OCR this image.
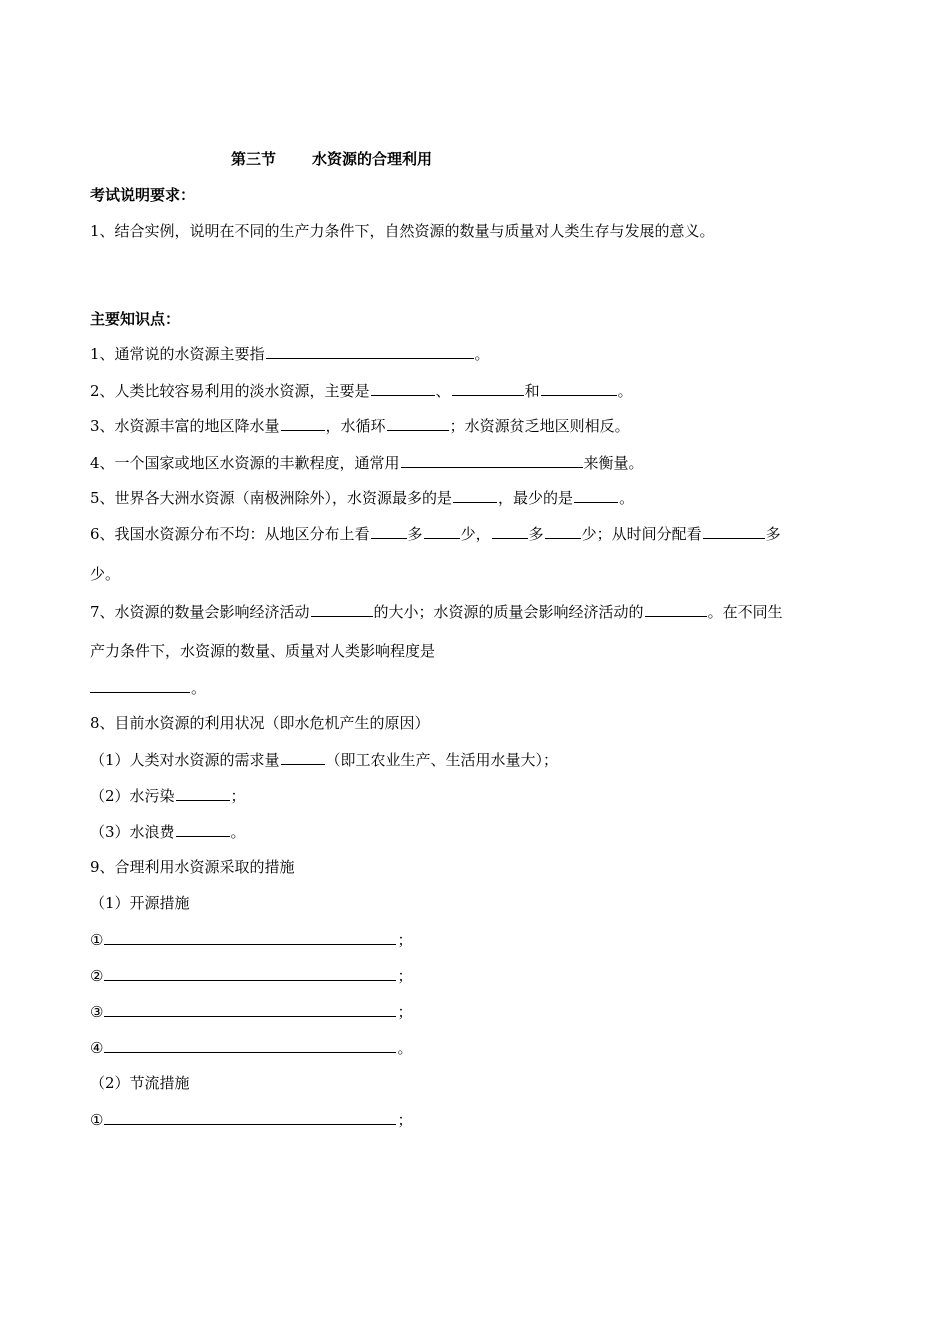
第三节 水资源的合理利用
考试说明要求：
1、结合实例，说明在不同的生产力条件下，自然资源的数量与质量对人类生存与发展的意义。
主要知识点：
1、通常说的水资源主要指	。
2、人类比较容易利用的淡水资源，主要是	、	和	。
3、水资源丰富的地区降水量	，水循环	；水资源贫乏地区则相反。
4、一个国家或地区水资源的丰歉程度，通常用	来衡量。
5、世界各大洲水资源（南极洲除外），水资源最多的是	，最少的是	。
6、我国水资源分布不均：从地区分布上看	多	少，	多	少；从时间分配看	多
少。
7、水资源的数量会影响经济活动	的大小；水资源的质量会影响经济活动的	。在不同生
产力条件下，水资源的数量、质量对人类影响程度是
。
8、目前水资源的利用状况（即水危机产生的原因）
（1）人类对水资源的需求量	（即工农业生产、生活用水量大）；
（2）水污染	；
（3）水浪费	。
9、合理利用水资源采取的措施
（1）开源措施
①	；
②	；
③	；
④	。
（2）节流措施
①	；
